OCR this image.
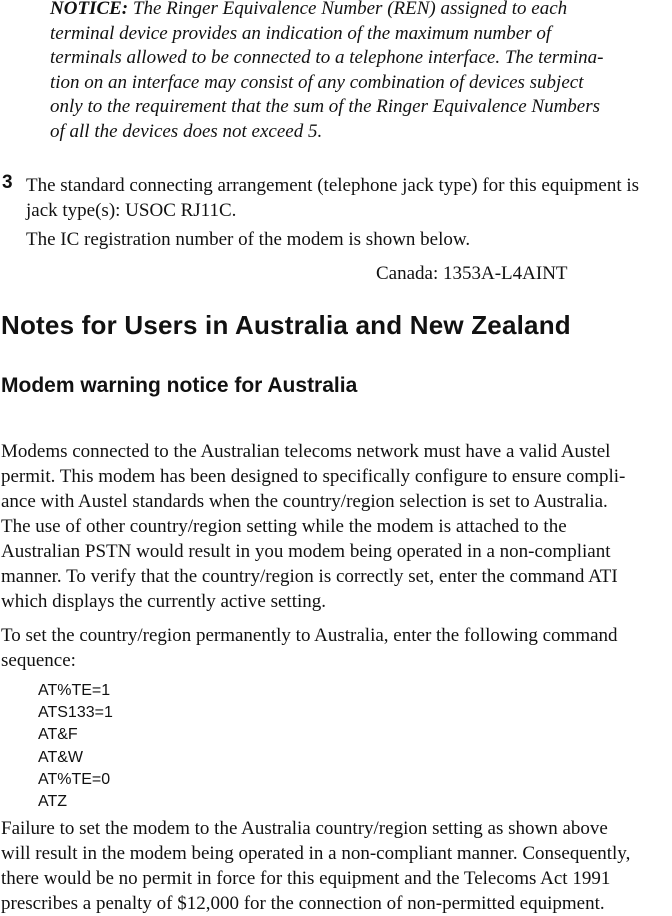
NOTICE: The Ringer Equivalence Number (REN) assigned to each
terminal device provides an indication of the maximum number of
terminals allowed to be connected to a telephone interface. The termina-
tion on an interface may consist of any combination of devices subject
only to the requirement that the sum of the Ringer Equivalence Numbers
of all the devices does not exceed 5.
3 The standard connecting arrangement (telephone jack type) for this equipment is
jack type(s): USOC RJ11C.
The IC registration number of the modem is shown below.
Canada: 1353A-L4AINT
Notes for Users in Australia and New Zealand
Modem warning notice for Australia
Modems connected to the Australian telecoms network must have a valid Austel
permit. This modem has been designed to specifically configure to ensure compli-
ance with Austel standards when the country/region selection is set to Australia.
The use of other country/region setting while the modem is attached to the
Australian PSTN would result in you modem being operated in a non-compliant
manner. To verify that the country/region is correctly set, enter the command ATI
which displays the currently active setting.
To set the country/region permanently to Australia, enter the following command
sequence:
AT%TE=1
ATS133=1
AT&F
AT&W
AT%TE=0
ATZ
Failure to set the modem to the Australia country/region setting as shown above
will result in the modem being operated in a non-compliant manner. Consequently,
there would be no permit in force for this equipment and the Telecoms Act 1991
prescribes a penalty of $12,000 for the connection of non-permitted equipment.
